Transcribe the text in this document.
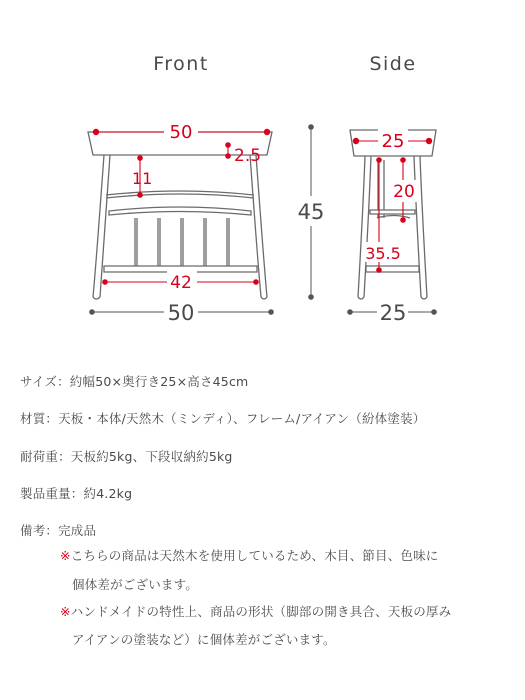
Front	Side
50
2.5
11
42
50
45
25
20
35.5
25
サイズ：約幅50×奥行き25×高さ45cm
材質：天板・本体/天然木（ミンディ）、フレーム/アイアン（紛体塗装）
耐荷重：天板約5kg、下段収納約5kg
製品重量：約4.2kg
備考：完成品
※こちらの商品は天然木を使用しているため、木目、節目、色味に
個体差がございます。
※ハンドメイドの特性上、商品の形状（脚部の開き具合、天板の厚み
アイアンの塗装など）に個体差がございます。
